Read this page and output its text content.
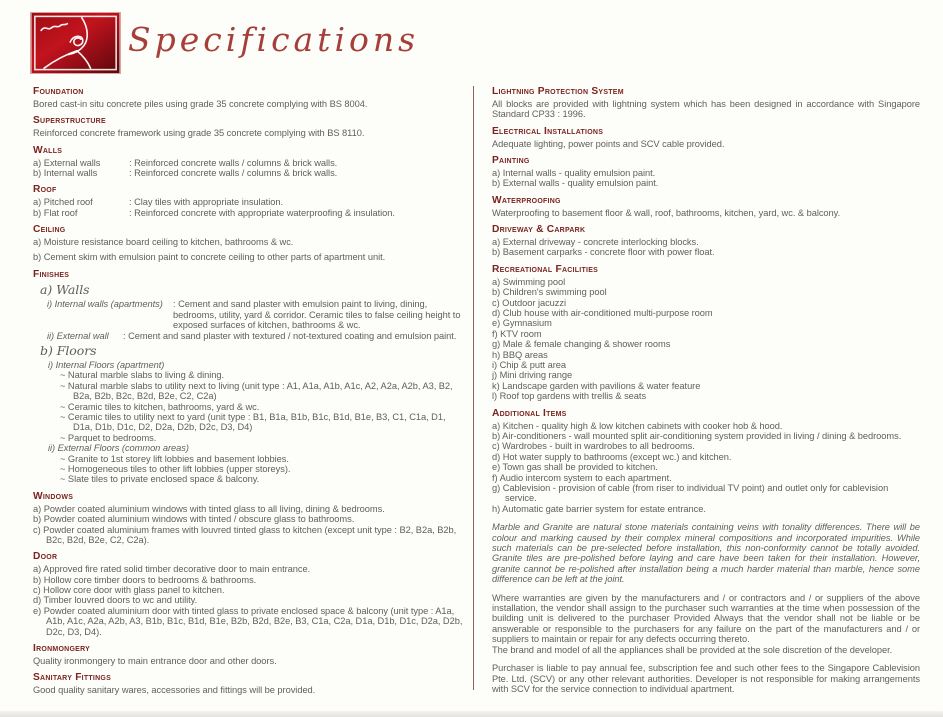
Specifications
Foundation
Bored cast-in situ concrete piles using grade 35 concrete complying with BS 8004.
Superstructure
Reinforced concrete framework using grade 35 concrete complying with BS 8110.
Walls
a) External walls	: Reinforced concrete walls / columns & brick walls.
b) Internal walls	: Reinforced concrete walls / columns & brick walls.
Roof
a) Pitched roof	: Clay tiles with appropriate insulation.
b) Flat roof	: Reinforced concrete with appropriate waterproofing & insulation.
Ceiling
a) Moisture resistance board ceiling to kitchen, bathrooms & wc.
b) Cement skim with emulsion paint to concrete ceiling to other parts of apartment unit.
Finishes
a) Walls
i) Internal walls (apartments)	: Cement and sand plaster with emulsion paint to living, dining, bedrooms, utility, yard & corridor. Ceramic tiles to false ceiling height to exposed surfaces of kitchen, bathrooms & wc.
ii) External wall	: Cement and sand plaster with textured / not-textured coating and emulsion paint.
b) Floors
i) Internal Floors (apartment)
~ Natural marble slabs to living & dining.
~ Natural marble slabs to utility next to living (unit type : A1, A1a, A1b, A1c, A2, A2a, A2b, A3, B2, B2a, B2b, B2c, B2d, B2e, C2, C2a)
~ Ceramic tiles to kitchen, bathrooms, yard & wc.
~ Ceramic tiles to utility next to yard (unit type : B1, B1a, B1b, B1c, B1d, B1e, B3, C1, C1a, D1, D1a, D1b, D1c, D2, D2a, D2b, D2c, D3, D4)
~ Parquet to bedrooms.
ii) External Floors (common areas)
~ Granite to 1st storey lift lobbies and basement lobbies.
~ Homogeneous tiles to other lift lobbies (upper storeys).
~ Slate tiles to private enclosed space & balcony.
Windows
a) Powder coated aluminium windows with tinted glass to all living, dining & bedrooms.
b) Powder coated aluminium windows with tinted / obscure glass to bathrooms.
c) Powder coated aluminium frames with louvred tinted glass to kitchen (except unit type : B2, B2a, B2b, B2c, B2d, B2e, C2, C2a).
Door
a) Approved fire rated solid timber decorative door to main entrance.
b) Hollow core timber doors to bedrooms & bathrooms.
c) Hollow core door with glass panel to kitchen.
d) Timber louvred doors to wc and utility.
e) Powder coated aluminium door with tinted glass to private enclosed space & balcony (unit type : A1a, A1b, A1c, A2a, A2b, A3, B1b, B1c, B1d, B1e, B2b, B2d, B2e, B3, C1a, C2a, D1a, D1b, D1c, D2a, D2b, D2c, D3, D4).
Ironmongery
Quality ironmongery to main entrance door and other doors.
Sanitary Fittings
Good quality sanitary wares, accessories and fittings will be provided.
Lightning Protection System
All blocks are provided with lightning system which has been designed in accordance with Singapore Standard CP33 : 1996.
Electrical Installations
Adequate lighting, power points and SCV cable provided.
Painting
a) Internal walls - quality emulsion paint.
b) External walls - quality emulsion paint.
Waterproofing
Waterproofing to basement floor & wall, roof, bathrooms, kitchen, yard, wc. & balcony.
Driveway & Carpark
a) External driveway - concrete interlocking blocks.
b) Basement carparks - concrete floor with power float.
Recreational Facilities
a) Swimming pool
b) Children's swimming pool
c) Outdoor jacuzzi
d) Club house with air-conditioned multi-purpose room
e) Gymnasium
f) KTV room
g) Male & female changing & shower rooms
h) BBQ areas
i) Chip & putt area
j) Mini driving range
k) Landscape garden with pavilions & water feature
l) Roof top gardens with trellis & seats
Additional Items
a) Kitchen - quality high & low kitchen cabinets with cooker hob & hood.
b) Air-conditioners - wall mounted split air-conditioning system provided in living / dining & bedrooms.
c) Wardrobes - built in wardrobes to all bedrooms.
d) Hot water supply to bathrooms (except wc.) and kitchen.
e) Town gas shall be provided to kitchen.
f) Audio intercom system to each apartment.
g) Cablevision - provision of cable (from riser to individual TV point) and outlet only for cablevision service.
h) Automatic gate barrier system for estate entrance.
Marble and Granite are natural stone materials containing veins with tonality differences. There will be colour and marking caused by their complex mineral compositions and incorporated impurities. While such materials can be pre-selected before installation, this non-conformity cannot be totally avoided. Granite tiles are pre-polished before laying and care have been taken for their installation. However, granite cannot be re-polished after installation being a much harder material than marble, hence some difference can be left at the joint.
Where warranties are given by the manufacturers and / or contractors and / or suppliers of the above installation, the vendor shall assign to the purchaser such warranties at the time when possession of the building unit is delivered to the purchaser Provided Always that the vendor shall not be liable or be answerable or responsible to the purchasers for any failure on the part of the manufacturers and / or suppliers to maintain or repair for any defects occurring thereto.
The brand and model of all the appliances shall be provided at the sole discretion of the developer.
Purchaser is liable to pay annual fee, subscription fee and such other fees to the Singapore Cablevision Pte. Ltd. (SCV) or any other relevant authorities. Developer is not responsible for making arrangements with SCV for the service connection to individual apartment.
